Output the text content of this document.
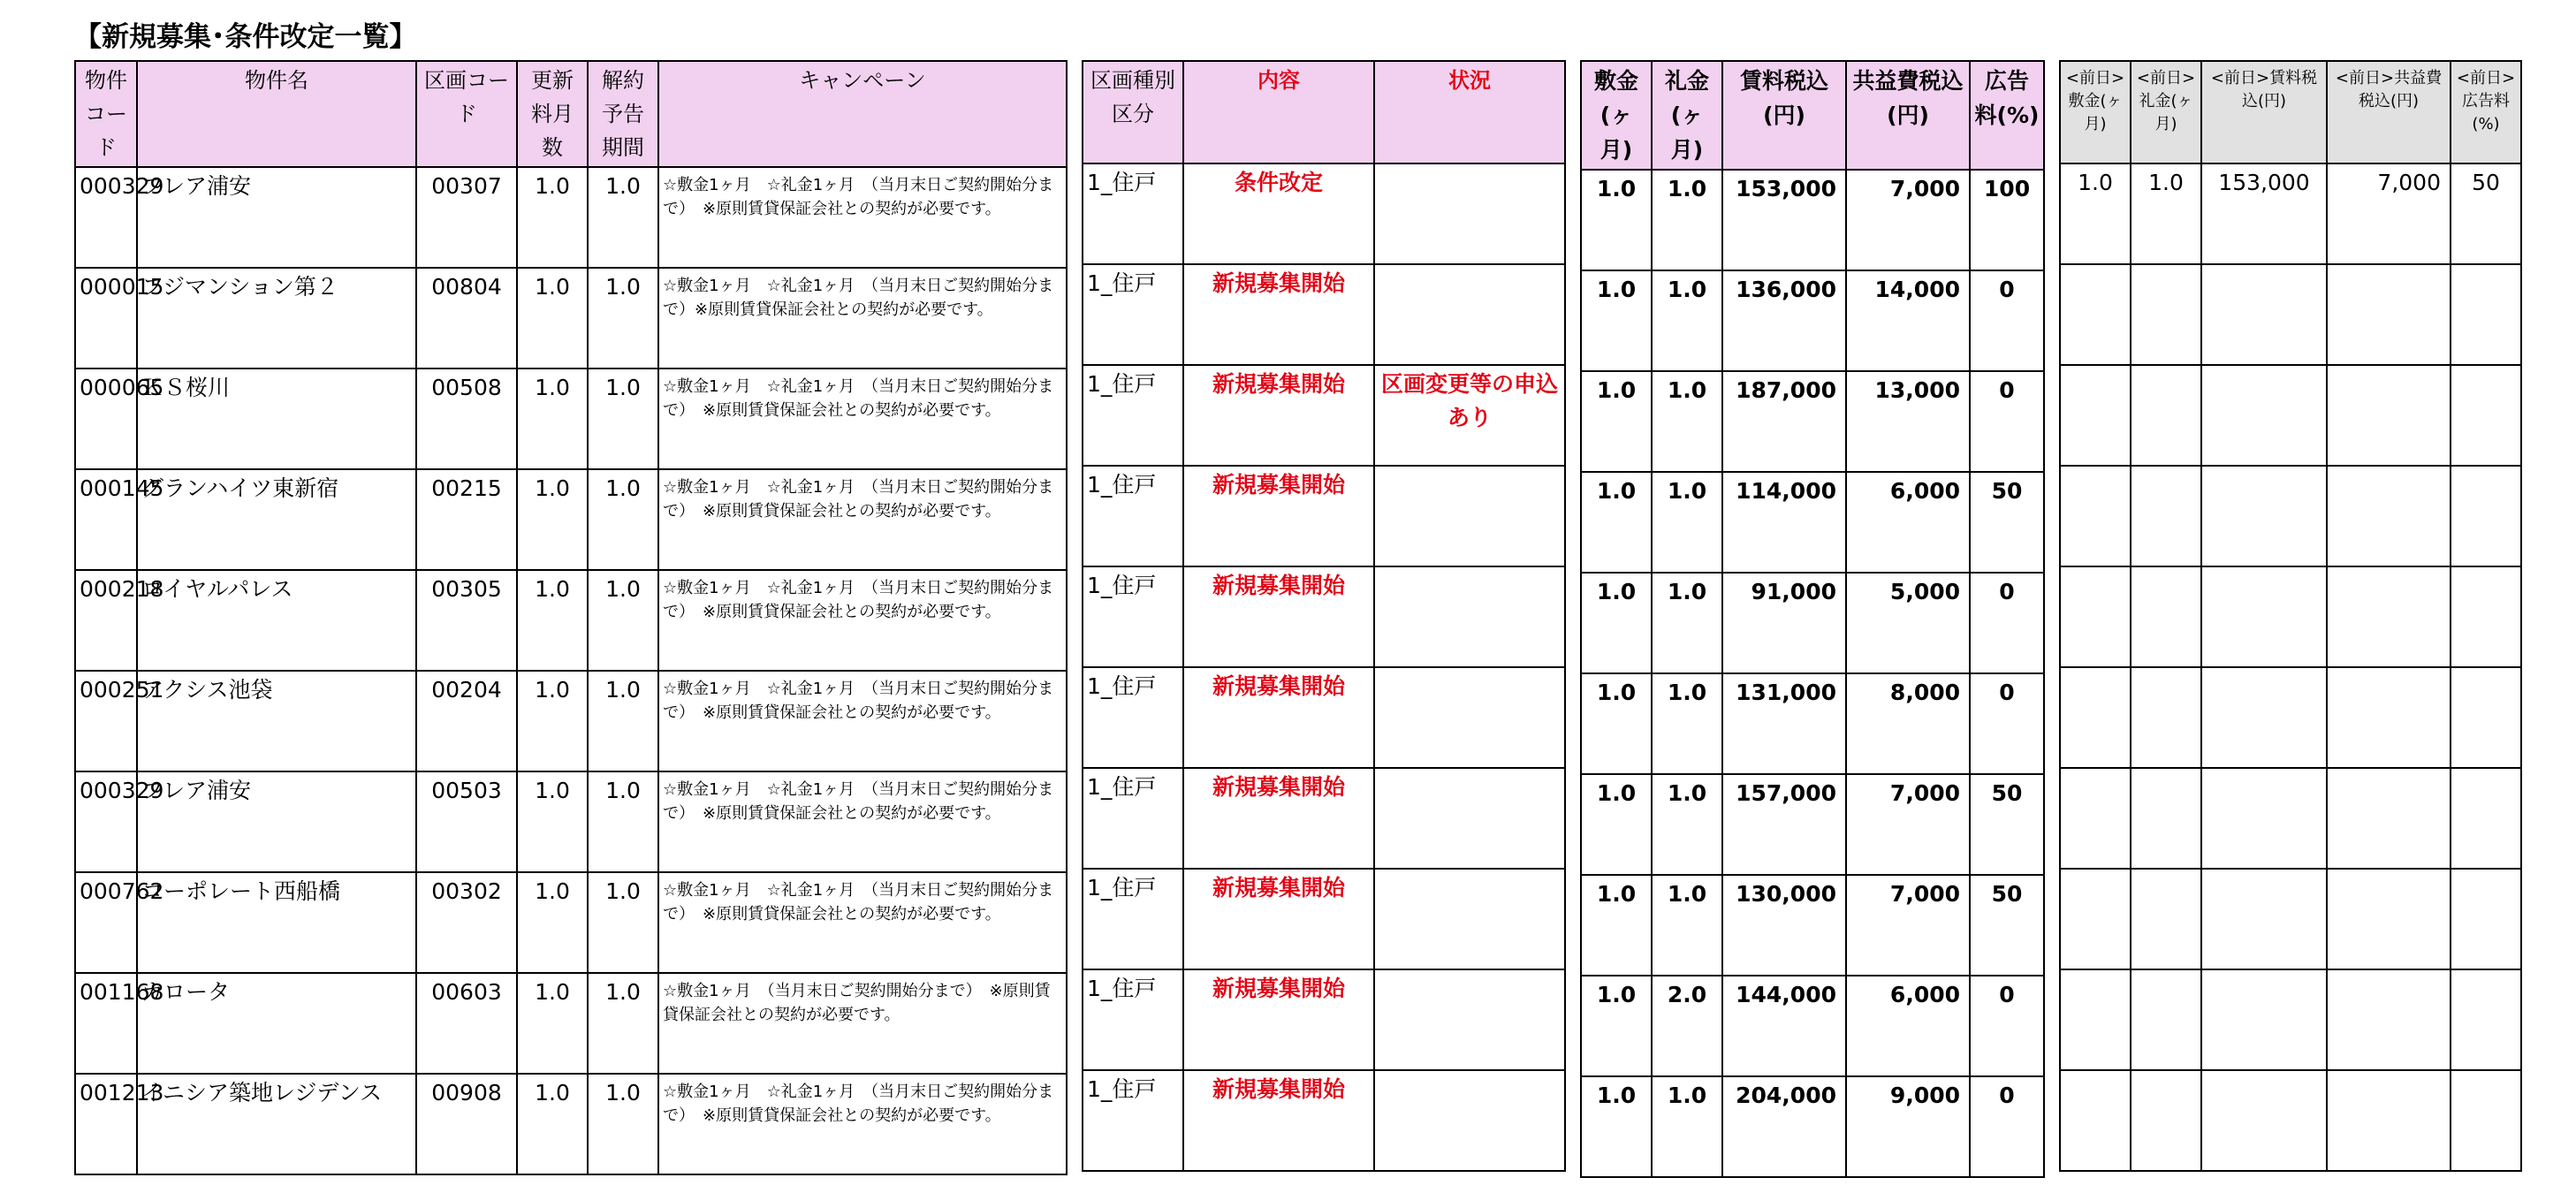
【新規募集･条件改定一覧】
物件コード	物件名	区画コード	更新料月数	解約予告期間	キャンペーン
000329	フレア浦安	00307	1.0	1.0	☆敷金1ヶ月　☆礼金1ヶ月　（当月末日ご契約開始分まで）　※原則賃貸保証会社との契約が必要です。
000015	フジマンション第２	00804	1.0	1.0	☆敷金1ヶ月　☆礼金1ヶ月　（当月末日ご契約開始分まで）※原則賃貸保証会社との契約が必要です。
000065	ＫＳ桜川	00508	1.0	1.0	☆敷金1ヶ月　☆礼金1ヶ月　（当月末日ご契約開始分まで）　※原則賃貸保証会社との契約が必要です。
000145	グランハイツ東新宿	00215	1.0	1.0	☆敷金1ヶ月　☆礼金1ヶ月　（当月末日ご契約開始分まで）　※原則賃貸保証会社との契約が必要です。
000218	ロイヤルパレス	00305	1.0	1.0	☆敷金1ヶ月　☆礼金1ヶ月　（当月末日ご契約開始分まで）　※原則賃貸保証会社との契約が必要です。
000251	アクシス池袋	00204	1.0	1.0	☆敷金1ヶ月　☆礼金1ヶ月　（当月末日ご契約開始分まで）　※原則賃貸保証会社との契約が必要です。
000329	フレア浦安	00503	1.0	1.0	☆敷金1ヶ月　☆礼金1ヶ月　（当月末日ご契約開始分まで）　※原則賃貸保証会社との契約が必要です。
000762	コーポレート西船橋	00302	1.0	1.0	☆敷金1ヶ月　☆礼金1ヶ月　（当月末日ご契約開始分まで）　※原則賃貸保証会社との契約が必要です。
001168	カロータ	00603	1.0	1.0	☆敷金1ヶ月　（当月末日ご契約開始分まで）　※原則賃貸保証会社との契約が必要です。
001213	イニシア築地レジデンス	00908	1.0	1.0	☆敷金1ヶ月　☆礼金1ヶ月　（当月末日ご契約開始分まで）　※原則賃貸保証会社との契約が必要です。
区画種別区分	内容	状況
1_住戸	条件改定	
1_住戸	新規募集開始	
1_住戸	新規募集開始	区画変更等の申込あり
1_住戸	新規募集開始	
1_住戸	新規募集開始	
1_住戸	新規募集開始	
1_住戸	新規募集開始	
1_住戸	新規募集開始	
1_住戸	新規募集開始	
1_住戸	新規募集開始	
敷金(ヶ月)	礼金(ヶ月)	賃料税込(円)	共益費税込(円)	広告料(%)
1.0	1.0	153,000	7,000	100
1.0	1.0	136,000	14,000	0
1.0	1.0	187,000	13,000	0
1.0	1.0	114,000	6,000	50
1.0	1.0	91,000	5,000	0
1.0	1.0	131,000	8,000	0
1.0	1.0	157,000	7,000	50
1.0	1.0	130,000	7,000	50
1.0	2.0	144,000	6,000	0
1.0	1.0	204,000	9,000	0
<前日>敷金(ヶ月)	<前日>礼金(ヶ月)	<前日>賃料税込(円)	<前日>共益費税込(円)	<前日>広告料(%)
1.0	1.0	153,000	7,000	50
